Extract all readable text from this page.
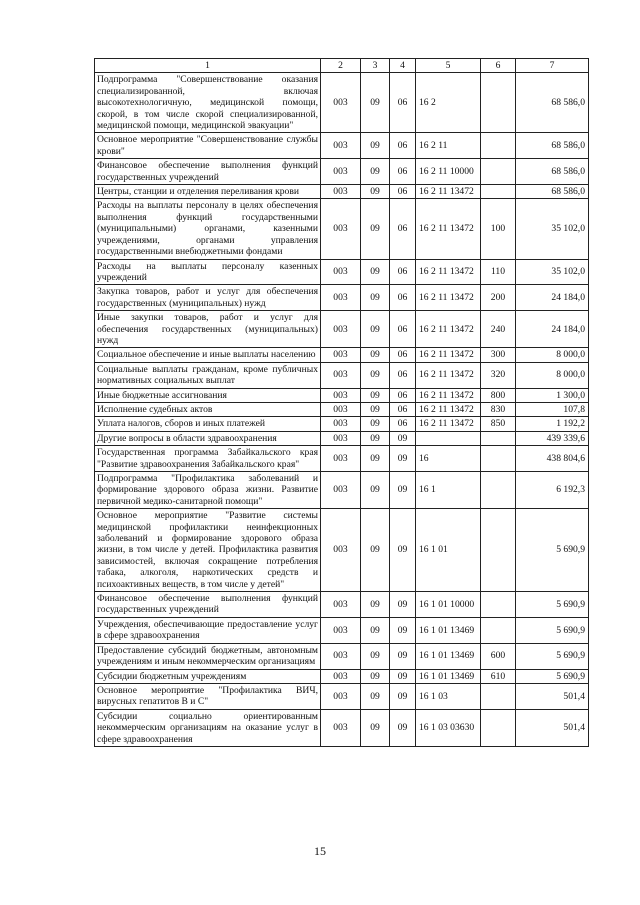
1	2	3	4	5	6	7
Подпрограмма "Совершенствование оказания специализированной, включая высокотехнологичную, медицинской помощи, скорой, в том числе скорой специализированной, медицинской помощи, медицинской эвакуации"	003	09	06	16 2		68 586,0
Основное мероприятие "Совершенствование службы крови"	003	09	06	16 2 11		68 586,0
Финансовое обеспечение выполнения функций государственных учреждений	003	09	06	16 2 11 10000		68 586,0
Центры, станции и отделения переливания крови	003	09	06	16 2 11 13472		68 586,0
Расходы на выплаты персоналу в целях обеспечения выполнения функций государственными (муниципальными) органами, казенными учреждениями, органами управления государственными внебюджетными фондами	003	09	06	16 2 11 13472	100	35 102,0
Расходы на выплаты персоналу казенных учреждений	003	09	06	16 2 11 13472	110	35 102,0
Закупка товаров, работ и услуг для обеспечения государственных (муниципальных) нужд	003	09	06	16 2 11 13472	200	24 184,0
Иные закупки товаров, работ и услуг для обеспечения государственных (муниципальных) нужд	003	09	06	16 2 11 13472	240	24 184,0
Социальное обеспечение и иные выплаты населению	003	09	06	16 2 11 13472	300	8 000,0
Социальные выплаты гражданам, кроме публичных нормативных социальных выплат	003	09	06	16 2 11 13472	320	8 000,0
Иные бюджетные ассигнования	003	09	06	16 2 11 13472	800	1 300,0
Исполнение судебных актов	003	09	06	16 2 11 13472	830	107,8
Уплата налогов, сборов и иных платежей	003	09	06	16 2 11 13472	850	1 192,2
Другие вопросы в области здравоохранения	003	09	09			439 339,6
Государственная программа Забайкальского края "Развитие здравоохранения Забайкальского края"	003	09	09	16		438 804,6
Подпрограмма "Профилактика заболеваний и формирование здорового образа жизни. Развитие первичной медико-санитарной помощи"	003	09	09	16 1		6 192,3
Основное мероприятие "Развитие системы медицинской профилактики неинфекционных заболеваний и формирование здорового образа жизни, в том числе у детей. Профилактика развития зависимостей, включая сокращение потребления табака, алкоголя, наркотических средств и психоактивных веществ, в том числе у детей"	003	09	09	16 1 01		5 690,9
Финансовое обеспечение выполнения функций государственных учреждений	003	09	09	16 1 01 10000		5 690,9
Учреждения, обеспечивающие предоставление услуг в сфере здравоохранения	003	09	09	16 1 01 13469		5 690,9
Предоставление субсидий бюджетным, автономным учреждениям и иным некоммерческим организациям	003	09	09	16 1 01 13469	600	5 690,9
Субсидии бюджетным учреждениям	003	09	09	16 1 01 13469	610	5 690,9
Основное мероприятие "Профилактика ВИЧ, вирусных гепатитов В и С"	003	09	09	16 1 03		501,4
Субсидии социально ориентированным некоммерческим организациям на оказание услуг в сфере здравоохранения	003	09	09	16 1 03 03630		501,4
15
